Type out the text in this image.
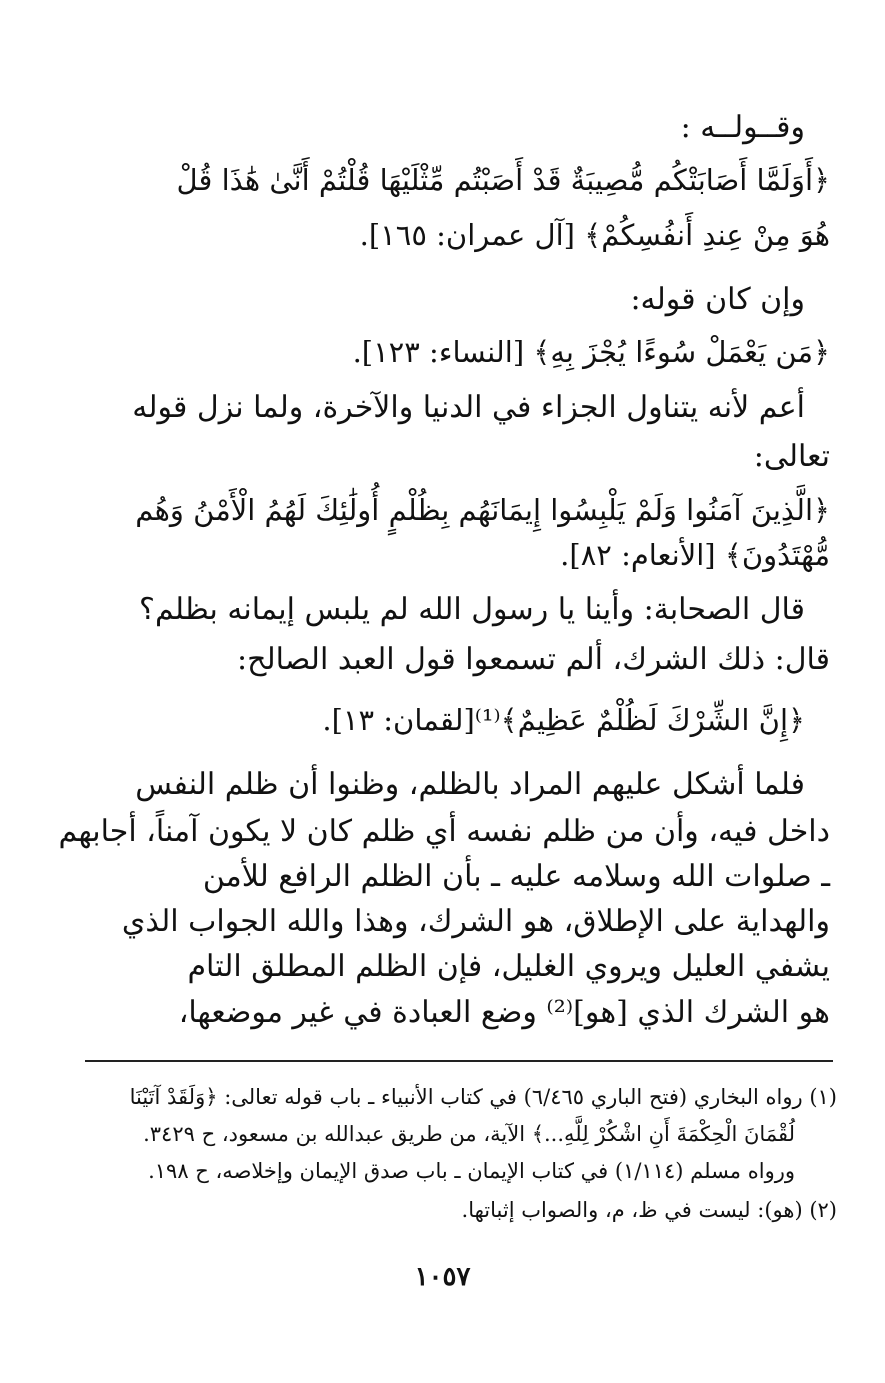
وقــولــه :
﴿أَوَلَمَّا أَصَابَتْكُم مُّصِيبَةٌ قَدْ أَصَبْتُم مِّثْلَيْهَا قُلْتُمْ أَنَّىٰ هَٰذَا قُلْ
هُوَ مِنْ عِندِ أَنفُسِكُمْ﴾ [آل عمران: ١٦٥].
وإن كان قوله:
﴿مَن يَعْمَلْ سُوءًا يُجْزَ بِهِ﴾ [النساء: ١٢٣].
أعم لأنه يتناول الجزاء في الدنيا والآخرة، ولما نزل قوله
تعالى:
﴿الَّذِينَ آمَنُوا وَلَمْ يَلْبِسُوا إِيمَانَهُم بِظُلْمٍ أُولَٰئِكَ لَهُمُ الْأَمْنُ وَهُم
مُّهْتَدُونَ﴾ [الأنعام: ٨٢].
قال الصحابة: وأينا يا رسول الله لم يلبس إيمانه بظلم؟
قال: ذلك الشرك، ألم تسمعوا قول العبد الصالح:
﴿إِنَّ الشِّرْكَ لَظُلْمٌ عَظِيمٌ﴾⁽¹⁾[لقمان: ١٣].
فلما أشكل عليهم المراد بالظلم، وظنوا أن ظلم النفس
داخل فيه، وأن من ظلم نفسه أي ظلم كان لا يكون آمناً، أجابهم
ـ صلوات الله وسلامه عليه ـ بأن الظلم الرافع للأمن
والهداية على الإطلاق، هو الشرك، وهذا والله الجواب الذي
يشفي العليل ويروي الغليل، فإن الظلم المطلق التام
هو الشرك الذي [هو]⁽²⁾ وضع العبادة في غير موضعها،
(١) رواه البخاري (فتح الباري ٦/٤٦٥) في كتاب الأنبياء ـ باب قوله تعالى: ﴿وَلَقَدْ آتَيْنَا
لُقْمَانَ الْحِكْمَةَ أَنِ اشْكُرْ لِلَّهِ...﴾ الآية، من طريق عبدالله بن مسعود، ح ٣٤٢٩.
ورواه مسلم (١/١١٤) في كتاب الإيمان ـ باب صدق الإيمان وإخلاصه، ح ١٩٨.
(٢) (هو): ليست في ظ، م، والصواب إثباتها.
١٠٥٧
